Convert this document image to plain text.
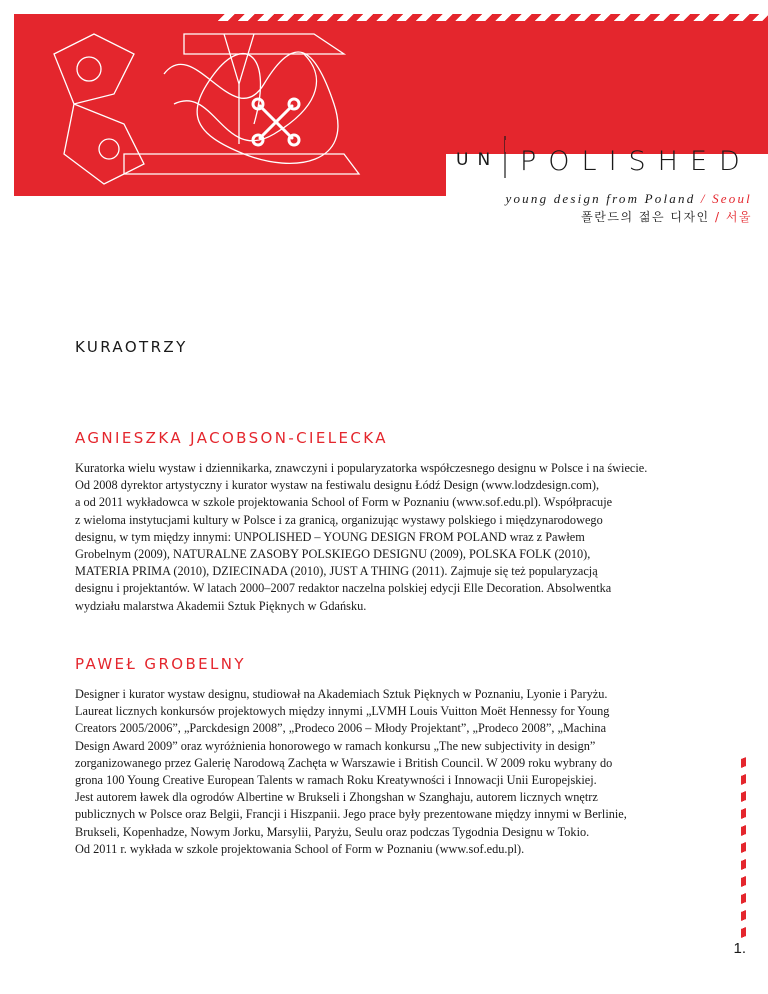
UN POLISHED
young design from Poland / Seoul
폴란드의 젊은 디자인 / 서울
KURAOTRZY
AGNIESZKA JACOBSON-CIELECKA

Kuratorka wielu wystaw i dziennikarka, znawczyni i popularyzatorka współczesnego designu w Polsce i na świecie.

Od 2008 dyrektor artystyczny i kurator wystaw na festiwalu designu Łódź Design (www.lodzdesign.com),

a od 2011 wykładowca w szkole projektowania School of Form w Poznaniu (www.sof.edu.pl). Współpracuje

z wieloma instytucjami kultury w Polsce i za granicą, organizując wystawy polskiego i międzynarodowego

designu, w tym między innymi: UNPOLISHED – YOUNG DESIGN FROM POLAND wraz z Pawłem

Grobelnym (2009), NATURALNE ZASOBY POLSKIEGO DESIGNU (2009), POLSKA FOLK (2010),

MATERIA PRIMA (2010), DZIECINADA (2010), JUST A THING (2011). Zajmuje się też popularyzacją

designu i projektantów. W latach 2000–2007 redaktor naczelna polskiej edycji Elle Decoration. Absolwentka

wydziału malarstwa Akademii Sztuk Pięknych w Gdańsku.

PAWEŁ GROBELNY

Designer i kurator wystaw designu, studiował na Akademiach Sztuk Pięknych w Poznaniu, Lyonie i Paryżu.

Laureat licznych konkursów projektowych między innymi „LVMH Louis Vuitton Moët Hennessy for Young

Creators 2005/2006”, „Parckdesign 2008”, „Prodeco 2006 – Młody Projektant”, „Prodeco 2008”, „Machina

Design Award 2009” oraz wyróżnienia honorowego w ramach konkursu „The new subjectivity in design”

zorganizowanego przez Galerię Narodową Zachęta w Warszawie i British Council. W 2009 roku wybrany do

grona 100 Young Creative European Talents w ramach Roku Kreatywności i Innowacji Unii Europejskiej.

Jest autorem ławek dla ogrodów Albertine w Brukseli i Zhongshan w Szanghaju, autorem licznych wnętrz

publicznych w Polsce oraz Belgii, Francji i Hiszpanii. Jego prace były prezentowane między innymi w Berlinie,

Brukseli, Kopenhadze, Nowym Jorku, Marsylii, Paryżu, Seulu oraz podczas Tygodnia Designu w Tokio.

Od 2011 r. wykłada w szkole projektowania School of Form w Poznaniu (www.sof.edu.pl).

1.
